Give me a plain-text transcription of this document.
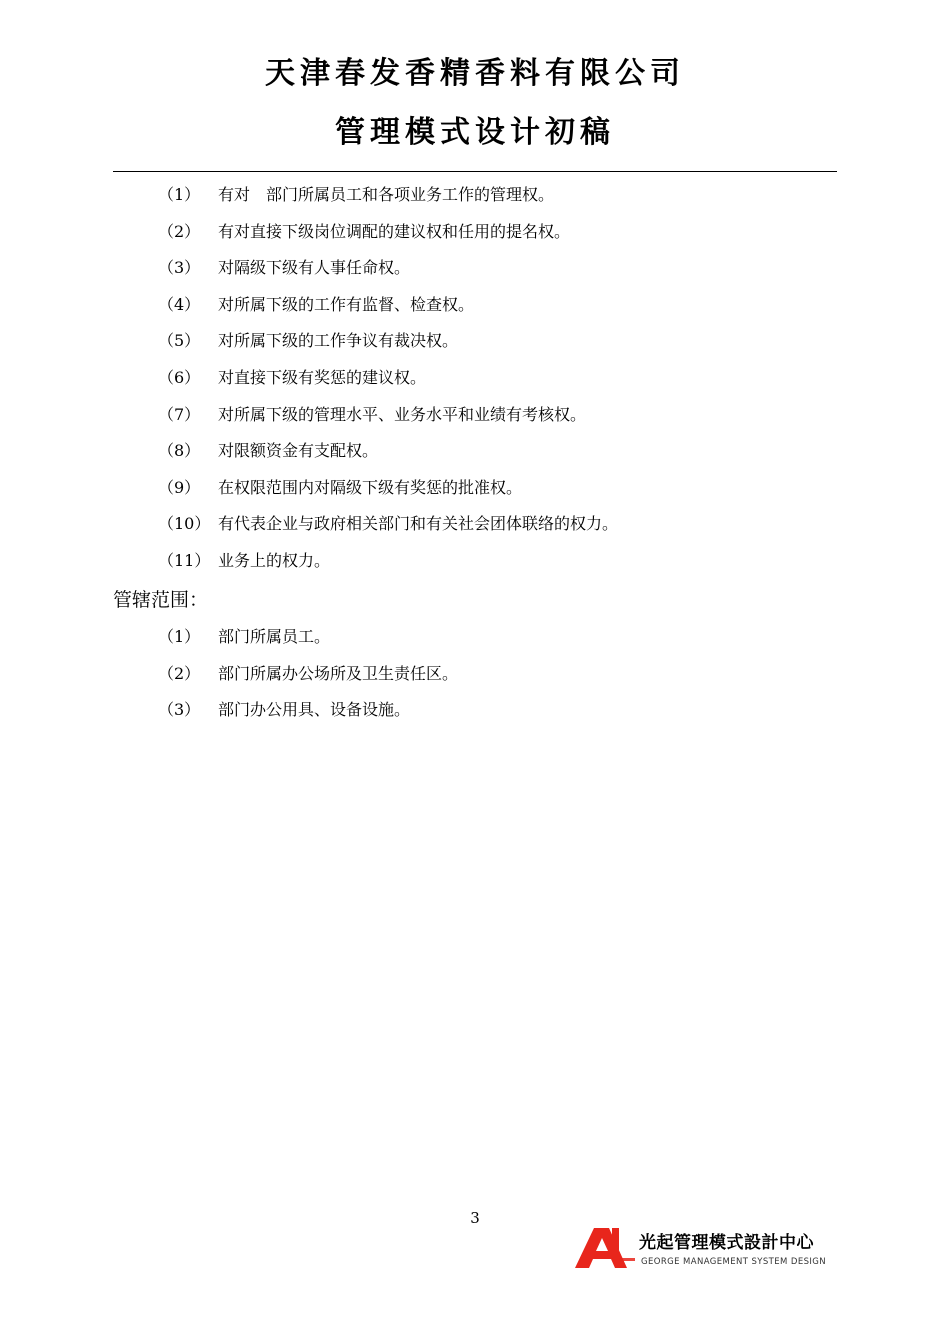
天津春发香精香料有限公司
管理模式设计初稿
（1） 有对　部门所属员工和各项业务工作的管理权。
（2） 有对直接下级岗位调配的建议权和任用的提名权。
（3） 对隔级下级有人事任命权。
（4） 对所属下级的工作有监督、检查权。
（5） 对所属下级的工作争议有裁决权。
（6） 对直接下级有奖惩的建议权。
（7） 对所属下级的管理水平、业务水平和业绩有考核权。
（8） 对限额资金有支配权。
（9） 在权限范围内对隔级下级有奖惩的批准权。
（10） 有代表企业与政府相关部门和有关社会团体联络的权力。
（11） 业务上的权力。
管辖范围：
（1） 部门所属员工。
（2） 部门所属办公场所及卫生责任区。
（3） 部门办公用具、设备设施。
3
光起管理模式設計中心
GEORGE MANAGEMENT SYSTEM DESIGN
